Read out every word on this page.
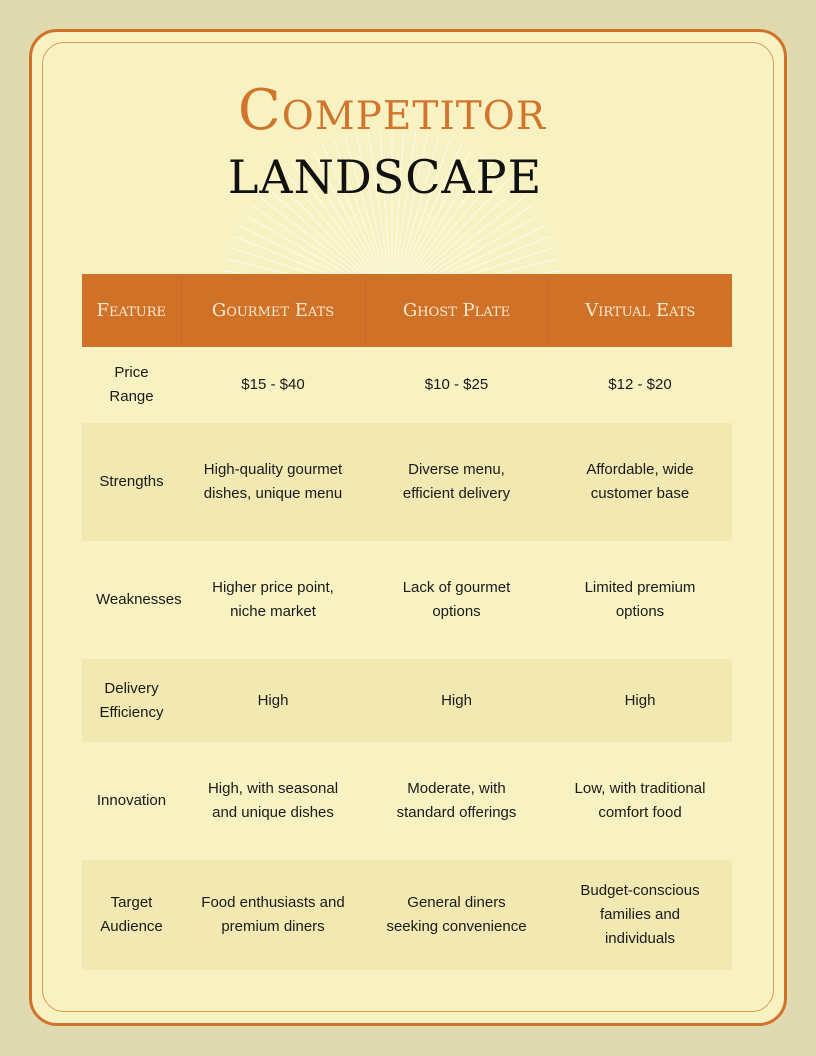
Competitor
LANDSCAPE
Feature	Gourmet Eats	Ghost Plate	Virtual Eats
Price Range	$15 - $40	$10 - $25	$12 - $20
Strengths	High-quality gourmet dishes, unique menu	Diverse menu, efficient delivery	Affordable, wide customer base
Weaknesses	Higher price point, niche market	Lack of gourmet options	Limited premium options
Delivery Efficiency	High	High	High
Innovation	High, with seasonal and unique dishes	Moderate, with standard offerings	Low, with traditional comfort food
Target Audience	Food enthusiasts and premium diners	General diners seeking convenience	Budget-conscious families and individuals
